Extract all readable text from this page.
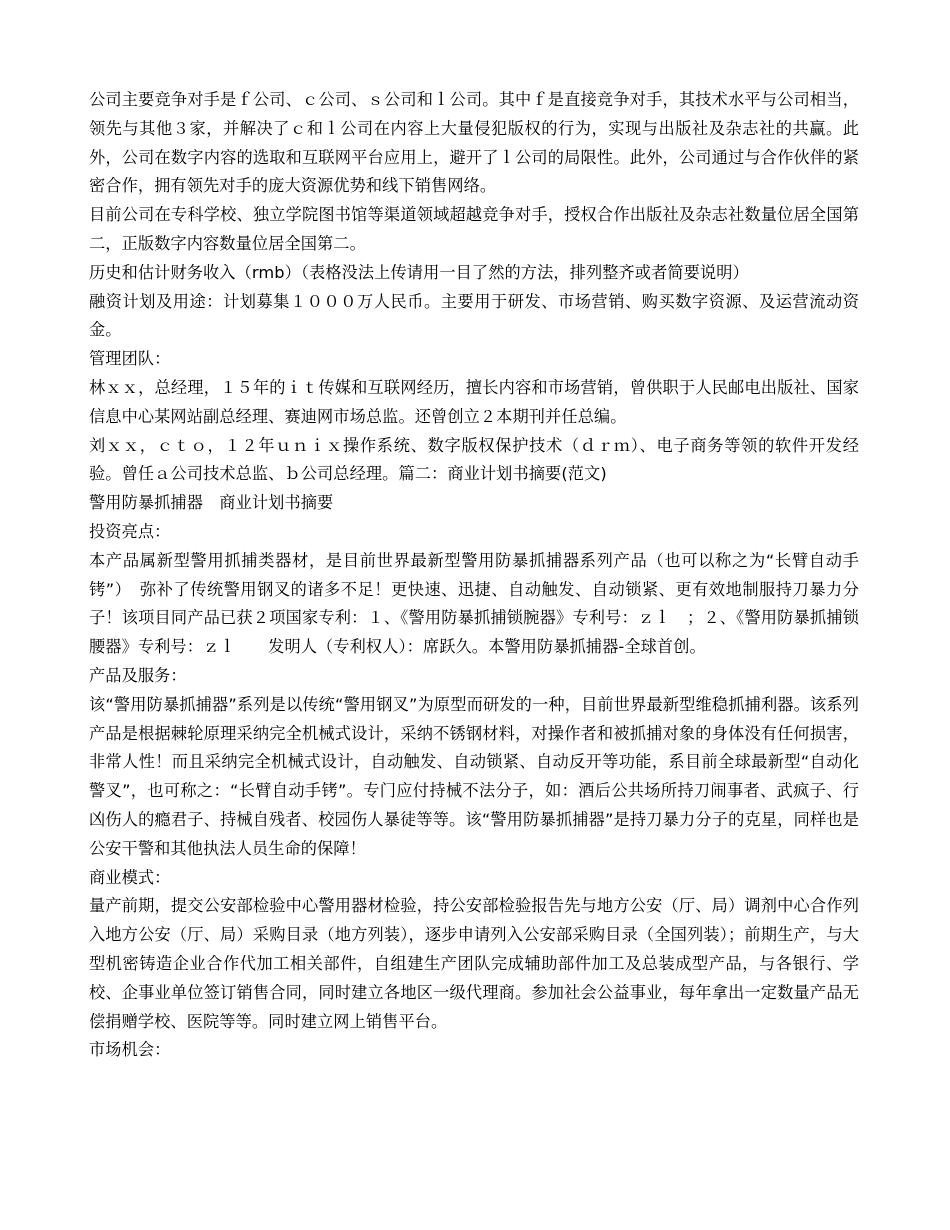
公司主要竞争对手是ｆ公司、ｃ公司、ｓ公司和ｌ公司。其中ｆ是直接竞争对手，其技术水平与公司相当，领先与其他３家，并解决了ｃ和ｌ公司在内容上大量侵犯版权的行为，实现与出版社及杂志社的共赢。此外，公司在数字内容的选取和互联网平台应用上，避开了ｌ公司的局限性。此外，公司通过与合作伙伴的紧密合作，拥有领先对手的庞大资源优势和线下销售网络。

目前公司在专科学校、独立学院图书馆等渠道领域超越竞争对手，授权合作出版社及杂志社数量位居全国第二，正版数字内容数量位居全国第二。

历史和估计财务收入（rmb）（表格没法上传请用一目了然的方法，排列整齐或者简要说明）

融资计划及用途：计划募集１０００万人民币。主要用于研发、市场营销、购买数字资源、及运营流动资金。

管理团队：

林ｘｘ，总经理，１５年的ｉｔ传媒和互联网经历，擅长内容和市场营销，曾供职于人民邮电出版社、国家信息中心某网站副总经理、赛迪网市场总监。还曾创立２本期刊并任总编。

刘ｘｘ，ｃｔｏ，１２年ｕｎｉｘ操作系统、数字版权保护技术（ｄｒｍ）、电子商务等领的软件开发经验。曾任ａ公司技术总监、ｂ公司总经理。篇二：商业计划书摘要(范文)

警用防暴抓捕器　商业计划书摘要

投资亮点：

本产品属新型警用抓捕类器材，是目前世界最新型警用防暴抓捕器系列产品（也可以称之为“长臂自动手铐”）　弥补了传统警用钢叉的诸多不足！更快速、迅捷、自动触发、自动锁紧、更有效地制服持刀暴力分子！该项目同产品已获２项国家专利：１、《警用防暴抓捕锁腕器》专利号：ｚｌ　；２、《警用防暴抓捕锁腰器》专利号：ｚｌ　　发明人（专利权人）：席跃久。本警用防暴抓捕器-全球首创。

产品及服务：

该“警用防暴抓捕器”系列是以传统“警用钢叉”为原型而研发的一种，目前世界最新型维稳抓捕利器。该系列产品是根据棘轮原理采纳完全机械式设计，采纳不锈钢材料，对操作者和被抓捕对象的身体没有任何损害，非常人性！而且采纳完全机械式设计，自动触发、自动锁紧、自动反开等功能，系目前全球最新型“自动化警叉”，也可称之：“长臂自动手铐”。专门应付持械不法分子，如：酒后公共场所持刀闹事者、武疯子、行凶伤人的瘾君子、持械自残者、校园伤人暴徒等等。该“警用防暴抓捕器”是持刀暴力分子的克星，同样也是公安干警和其他执法人员生命的保障！

商业模式：

量产前期，提交公安部检验中心警用器材检验，持公安部检验报告先与地方公安（厅、局）调剂中心合作列入地方公安（厅、局）采购目录（地方列装），逐步申请列入公安部采购目录（全国列装）；前期生产，与大型机密铸造企业合作代加工相关部件，自组建生产团队完成辅助部件加工及总装成型产品，与各银行、学校、企事业单位签订销售合同，同时建立各地区一级代理商。参加社会公益事业，每年拿出一定数量产品无偿捐赠学校、医院等等。同时建立网上销售平台。

市场机会：
